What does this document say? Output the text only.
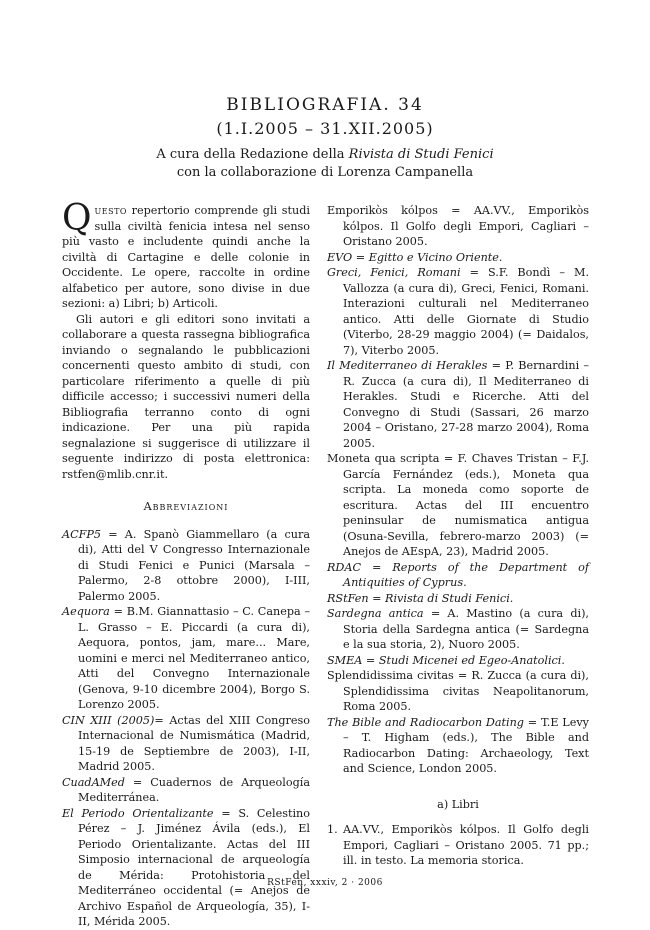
BIBLIOGRAFIA. 34
(1.I.2005 – 31.XII.2005)
A cura della Redazione della Rivista di Studi Fenici
con la collaborazione di Lorenza Campanella

Questo repertorio comprende gli studi sulla civiltà fenicia intesa nel senso più vasto e includente quindi anche la civiltà di Cartagine e delle colonie in Occidente. Le opere, raccolte in ordine alfabetico per autore, sono divise in due sezioni: a) Libri; b) Articoli.

Gli autori e gli editori sono invitati a collaborare a questa rassegna bibliografica inviando o segnalando le pubblicazioni concernenti questo ambito di studi, con particolare riferimento a quelle di più difficile accesso; i successivi numeri della Bibliografia terranno conto di ogni indicazione. Per una più rapida segnalazione si suggerisce di utilizzare il seguente indirizzo di posta elettronica: rstfen@mlib.cnr.it.

Abbreviazioni

ACFP5 = A. Spanò Giammellaro (a cura di), Atti del V Congresso Internazionale di Studi Fenici e Punici (Marsala – Palermo, 2-8 ottobre 2000), I-III, Palermo 2005.

Aequora = B.M. Giannattasio – C. Canepa – L. Grasso – E. Piccardi (a cura di), Aequora, pontos, jam, mare... Mare, uomini e merci nel Mediterraneo antico, Atti del Convegno Internazionale (Genova, 9-10 dicembre 2004), Borgo S. Lorenzo 2005.

CIN XIII (2005)= Actas del XIII Congreso Internacional de Numismática (Madrid, 15-19 de Septiembre de 2003), I-II, Madrid 2005.

CuadAMed = Cuadernos de Arqueología Mediterránea.

El Periodo Orientalizante = S. Celestino Pérez – J. Jiménez Ávila (eds.), El Periodo Orientalizante. Actas del III Simposio internacional de arqueología de Mérida: Protohistoria del Mediterráneo occidental (= Anejos de Archivo Español de Arqueología, 35), I-II, Mérida 2005.

Emporikòs kólpos = AA.VV., Emporikòs kólpos. Il Golfo degli Empori, Cagliari – Oristano 2005.

EVO = Egitto e Vicino Oriente.

Greci, Fenici, Romani = S.F. Bondì – M. Vallozza (a cura di), Greci, Fenici, Romani. Interazioni culturali nel Mediterraneo antico. Atti delle Giornate di Studio (Viterbo, 28-29 maggio 2004) (= Daidalos, 7), Viterbo 2005.

Il Mediterraneo di Herakles = P. Bernardini – R. Zucca (a cura di), Il Mediterraneo di Herakles. Studi e Ricerche. Atti del Convegno di Studi (Sassari, 26 marzo 2004 – Oristano, 27-28 marzo 2004), Roma 2005.

Moneta qua scripta = F. Chaves Tristan – F.J. García Fernández (eds.), Moneta qua scripta. La moneda como soporte de escritura. Actas del III encuentro peninsular de numismatica antigua (Osuna-Sevilla, febrero-marzo 2003) (= Anejos de AEspA, 23), Madrid 2005.

RDAC = Reports of the Department of Antiquities of Cyprus.

RStFen = Rivista di Studi Fenici.

Sardegna antica = A. Mastino (a cura di), Storia della Sardegna antica (= Sardegna e la sua storia, 2), Nuoro 2005.

SMEA = Studi Micenei ed Egeo-Anatolici.

Splendidissima civitas = R. Zucca (a cura di), Splendidissima civitas Neapolitanorum, Roma 2005.

The Bible and Radiocarbon Dating = T.E Levy – T. Higham (eds.), The Bible and Radiocarbon Dating: Archaeology, Text and Science, London 2005.

a) Libri

1. AA.VV., Emporikòs kólpos. Il Golfo degli Empori, Cagliari – Oristano 2005. 71 pp.; ill. in testo. La memoria storica.

RStFen, xxxiv, 2 · 2006
